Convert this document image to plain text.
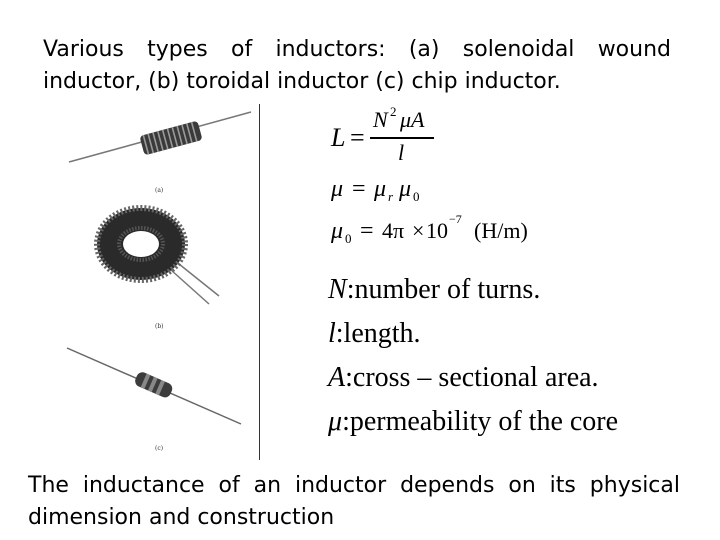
Various types of inductors: (a) solenoidal wound inductor, (b) toroidal inductor (c) chip inductor.
(a)
(b)
(c)
L =
N 2 μA
l
μ = μ r μ 0
μ 0 = 4π × 10 −7 (H/m)
N:number of turns.
l:length.
A:cross – sectional area.
μ:permeability of the core
The inductance of an inductor depends on its physical dimension and construction
